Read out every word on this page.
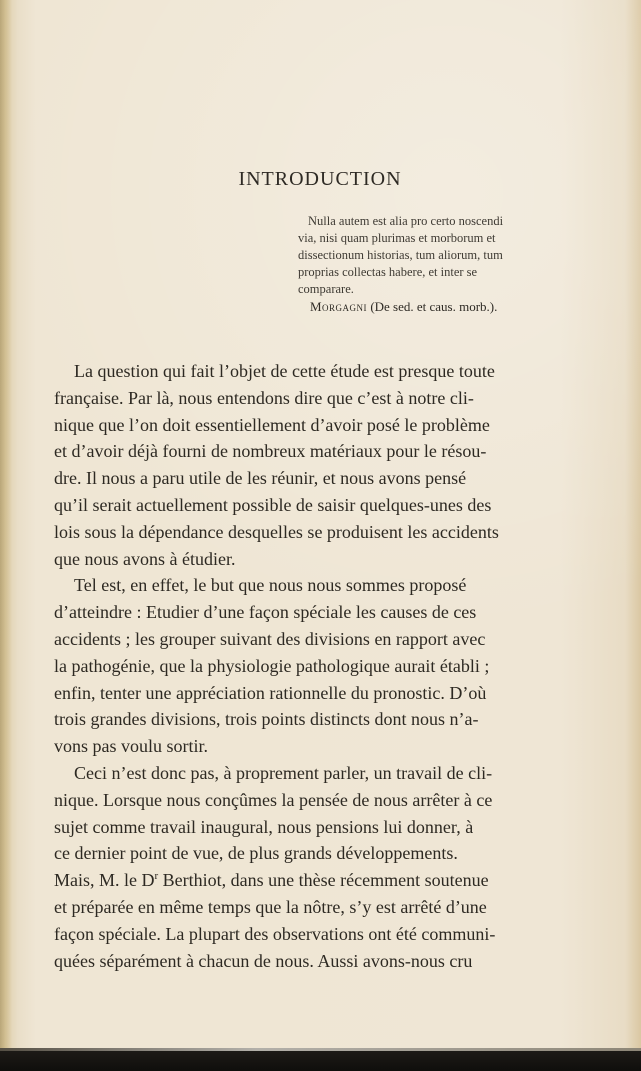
INTRODUCTION
Nulla autem est alia pro certo noscendi
via, nisi quam plurimas et morborum et
dissectionum historias, tum aliorum, tum
proprias collectas habere, et inter se
comparare.
Morgagni (De sed. et caus. morb.).

La question qui fait l’objet de cette étude est presque toute
française. Par là, nous entendons dire que c’est à notre cli-
nique que l’on doit essentiellement d’avoir posé le problème
et d’avoir déjà fourni de nombreux matériaux pour le résou-
dre. Il nous a paru utile de les réunir, et nous avons pensé
qu’il serait actuellement possible de saisir quelques-unes des
lois sous la dépendance desquelles se produisent les accidents
que nous avons à étudier.

Tel est, en effet, le but que nous nous sommes proposé
d’atteindre : Etudier d’une façon spéciale les causes de ces
accidents ; les grouper suivant des divisions en rapport avec
la pathogénie, que la physiologie pathologique aurait établi ;
enfin, tenter une appréciation rationnelle du pronostic. D’où
trois grandes divisions, trois points distincts dont nous n’a-
vons pas voulu sortir.

Ceci n’est donc pas, à proprement parler, un travail de cli-
nique. Lorsque nous conçûmes la pensée de nous arrêter à ce
sujet comme travail inaugural, nous pensions lui donner, à
ce dernier point de vue, de plus grands développements.
Mais, M. le $D^r$ Berthiot, dans une thèse récemment soutenue
et préparée en même temps que la nôtre, s’y est arrêté d’une
façon spéciale. La plupart des observations ont été communi-
quées séparément à chacun de nous. Aussi avons-nous cru
